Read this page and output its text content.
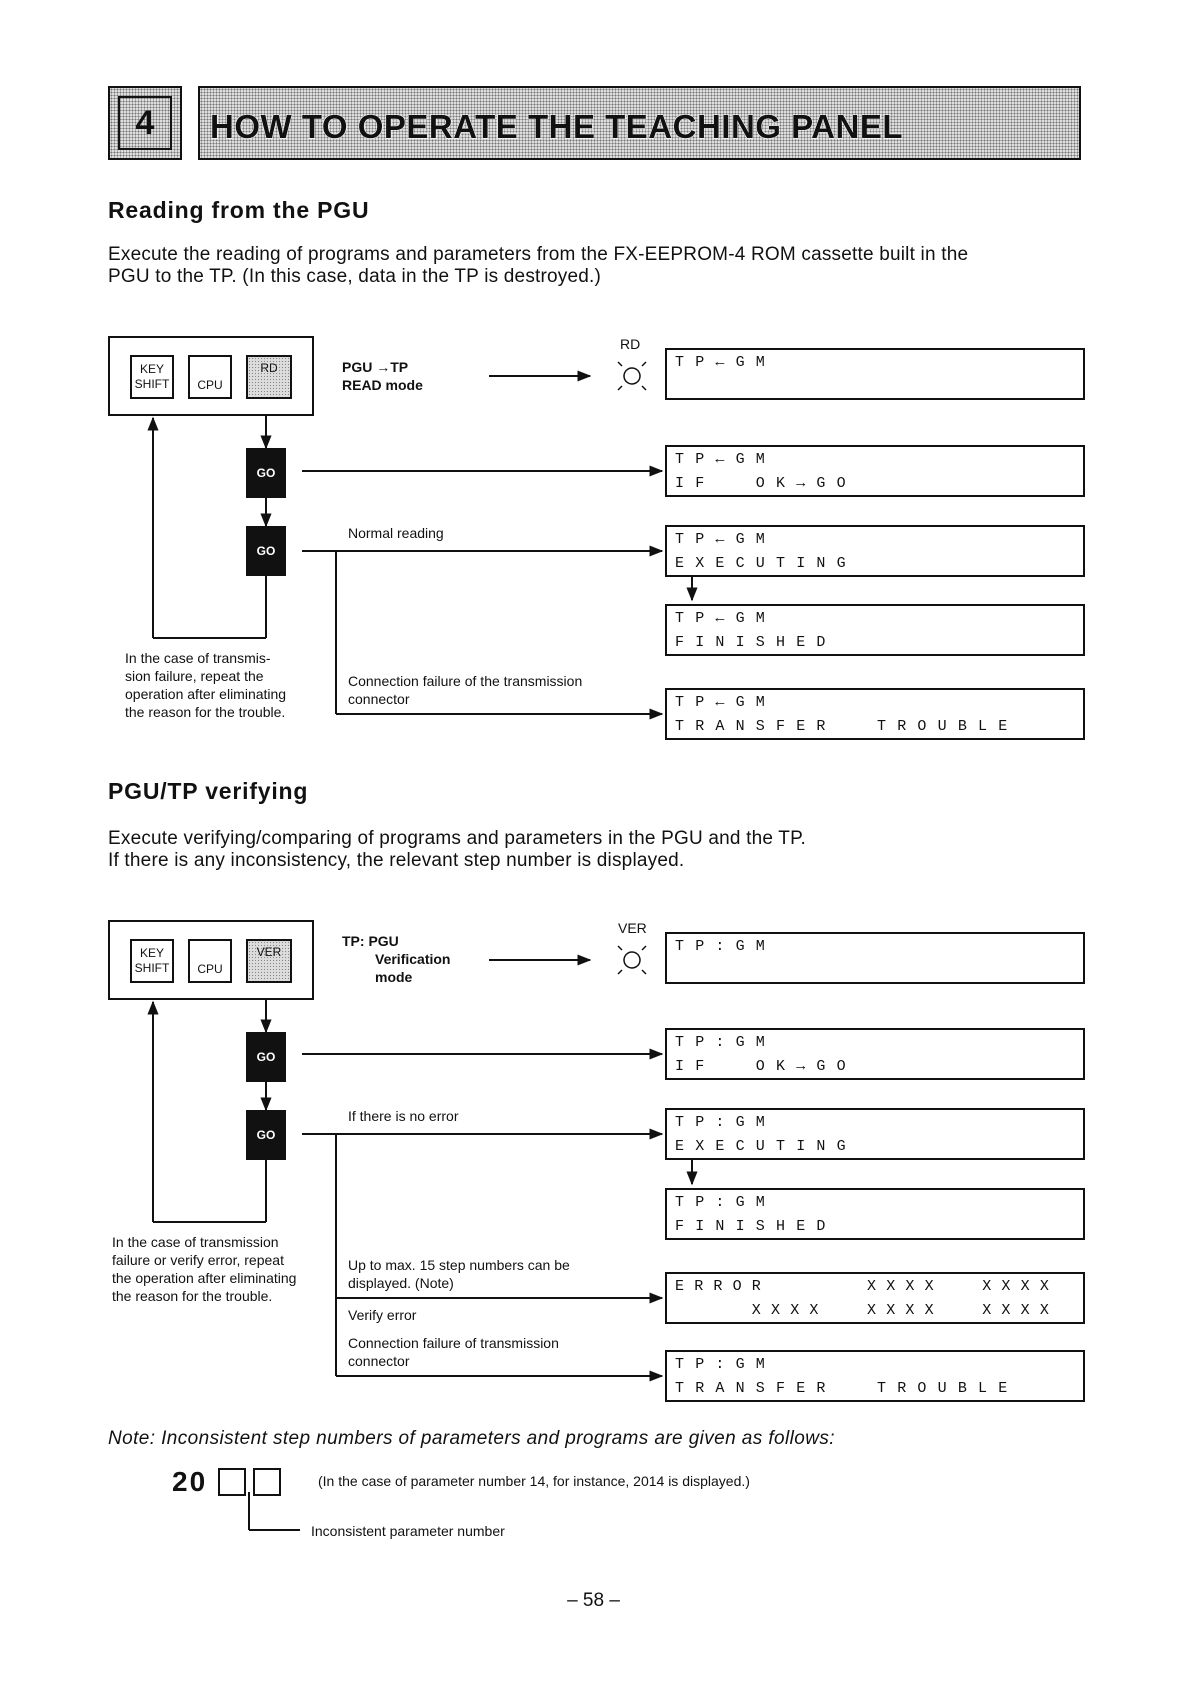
4	HOW TO OPERATE THE TEACHING PANEL
Reading from the PGU
Execute the reading of programs and parameters from the FX-EEPROM-4 ROM cassette built in the
PGU to the TP. (In this case, data in the TP is destroyed.)
KEY
SHIFT CPU
RD	PGU →TP
READ mode
RD
GO
GO
Normal reading
Connection failure of the transmission
connector
In the case of transmis-
sion failure, repeat the
operation after eliminating
the reason for the trouble.
TP←GM
TP←GM
IF  OK→GO
TP←GM
EXECUTING
TP←GM
FINISHED
TP←GM
TRANSFER  TROUBLE
PGU/TP verifying
Execute verifying/comparing of programs and parameters in the PGU and the TP.
If there is any inconsistency, the relevant step number is displayed.
KEY
SHIFT CPU
VER
TP: PGU
Verification
mode
VER
GO
GO
If there is no error
Up to max. 15 step numbers can be
displayed. (Note)
Verify error
Connection failure of transmission
connector
In the case of transmission
failure or verify error, repeat
the operation after eliminating
the reason for the trouble.
TP:GM
TP:GM
IF  OK→GO
TP:GM
EXECUTING
TP:GM
FINISHED
ERROR     XXXX  XXXX
XXXX  XXXX  XXXX
TP:GM
TRANSFER  TROUBLE
Note: Inconsistent step numbers of parameters and programs are given as follows:
20	(In the case of parameter number 14, for instance, 2014 is displayed.)
Inconsistent parameter number
– 58 –
